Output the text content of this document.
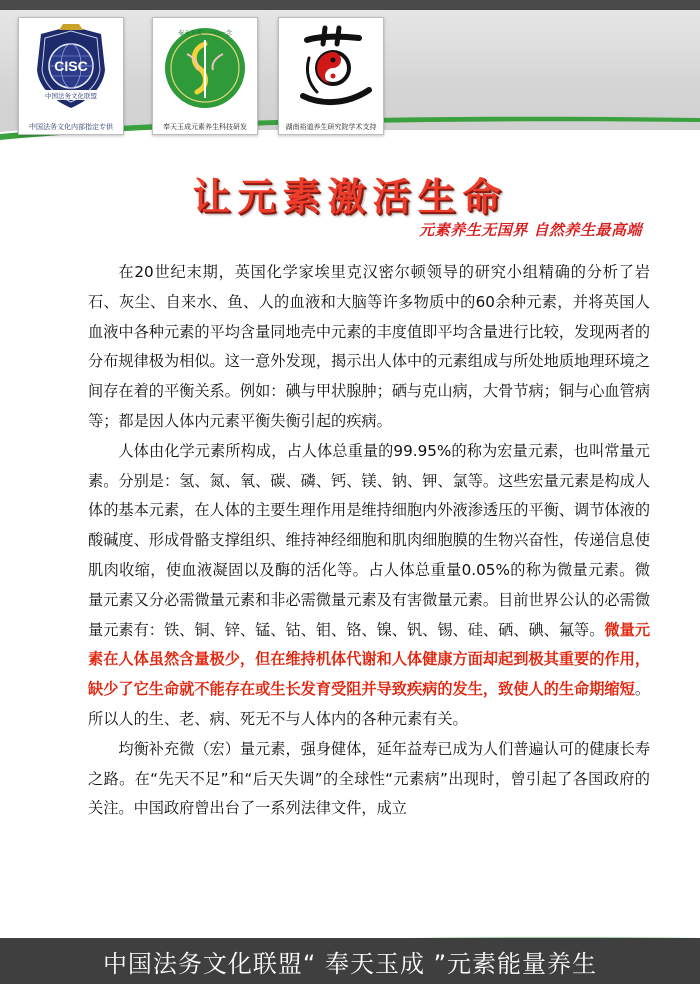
CISC
中国法务文化联盟
中国法务文化内部指定专供
奉天玉成 · 一心一念
奉天玉成元素养生科技研发	湖南裕道养生研究院学术支持
让元素激活生命
元素养生无国界 自然养生最高端

在20世纪末期，英国化学家埃里克汉密尔顿领导的研究小组精确的分析了岩石、灰尘、自来水、鱼、人的血液和大脑等许多物质中的60余种元素，并将英国人血液中各种元素的平均含量同地壳中元素的丰度值即平均含量进行比较，发现两者的分布规律极为相似。这一意外发现，揭示出人体中的元素组成与所处地质地理环境之间存在着的平衡关系。例如：碘与甲状腺肿；硒与克山病，大骨节病；铜与心血管病等；都是因人体内元素平衡失衡引起的疾病。

人体由化学元素所构成，占人体总重量的99.95%的称为宏量元素，也叫常量元素。分别是：氢、氮、氧、碳、磷、钙、镁、钠、钾、氯等。这些宏量元素是构成人体的基本元素，在人体的主要生理作用是维持细胞内外液渗透压的平衡、调节体液的酸碱度、形成骨骼支撑组织、维持神经细胞和肌肉细胞膜的生物兴奋性，传递信息使肌肉收缩，使血液凝固以及酶的活化等。占人体总重量0.05%的称为微量元素。微量元素又分必需微量元素和非必需微量元素及有害微量元素。目前世界公认的必需微量元素有：铁、铜、锌、锰、钴、钼、铬、镍、钒、锡、硅、硒、碘、氟等。微量元素在人体虽然含量极少，但在维持机体代谢和人体健康方面却起到极其重要的作用，缺少了它生命就不能存在或生长发育受阻并导致疾病的发生，致使人的生命期缩短。所以人的生、老、病、死无不与人体内的各种元素有关。

均衡补充微（宏）量元素，强身健体，延年益寿已成为人们普遍认可的健康长寿之路。在“先天不足”和“后天失调”的全球性“元素病”出现时，曾引起了各国政府的关注。中国政府曾出台了一系列法律文件，成立

中国法务文化联盟“ 奉天玉成 ”元素能量养生
